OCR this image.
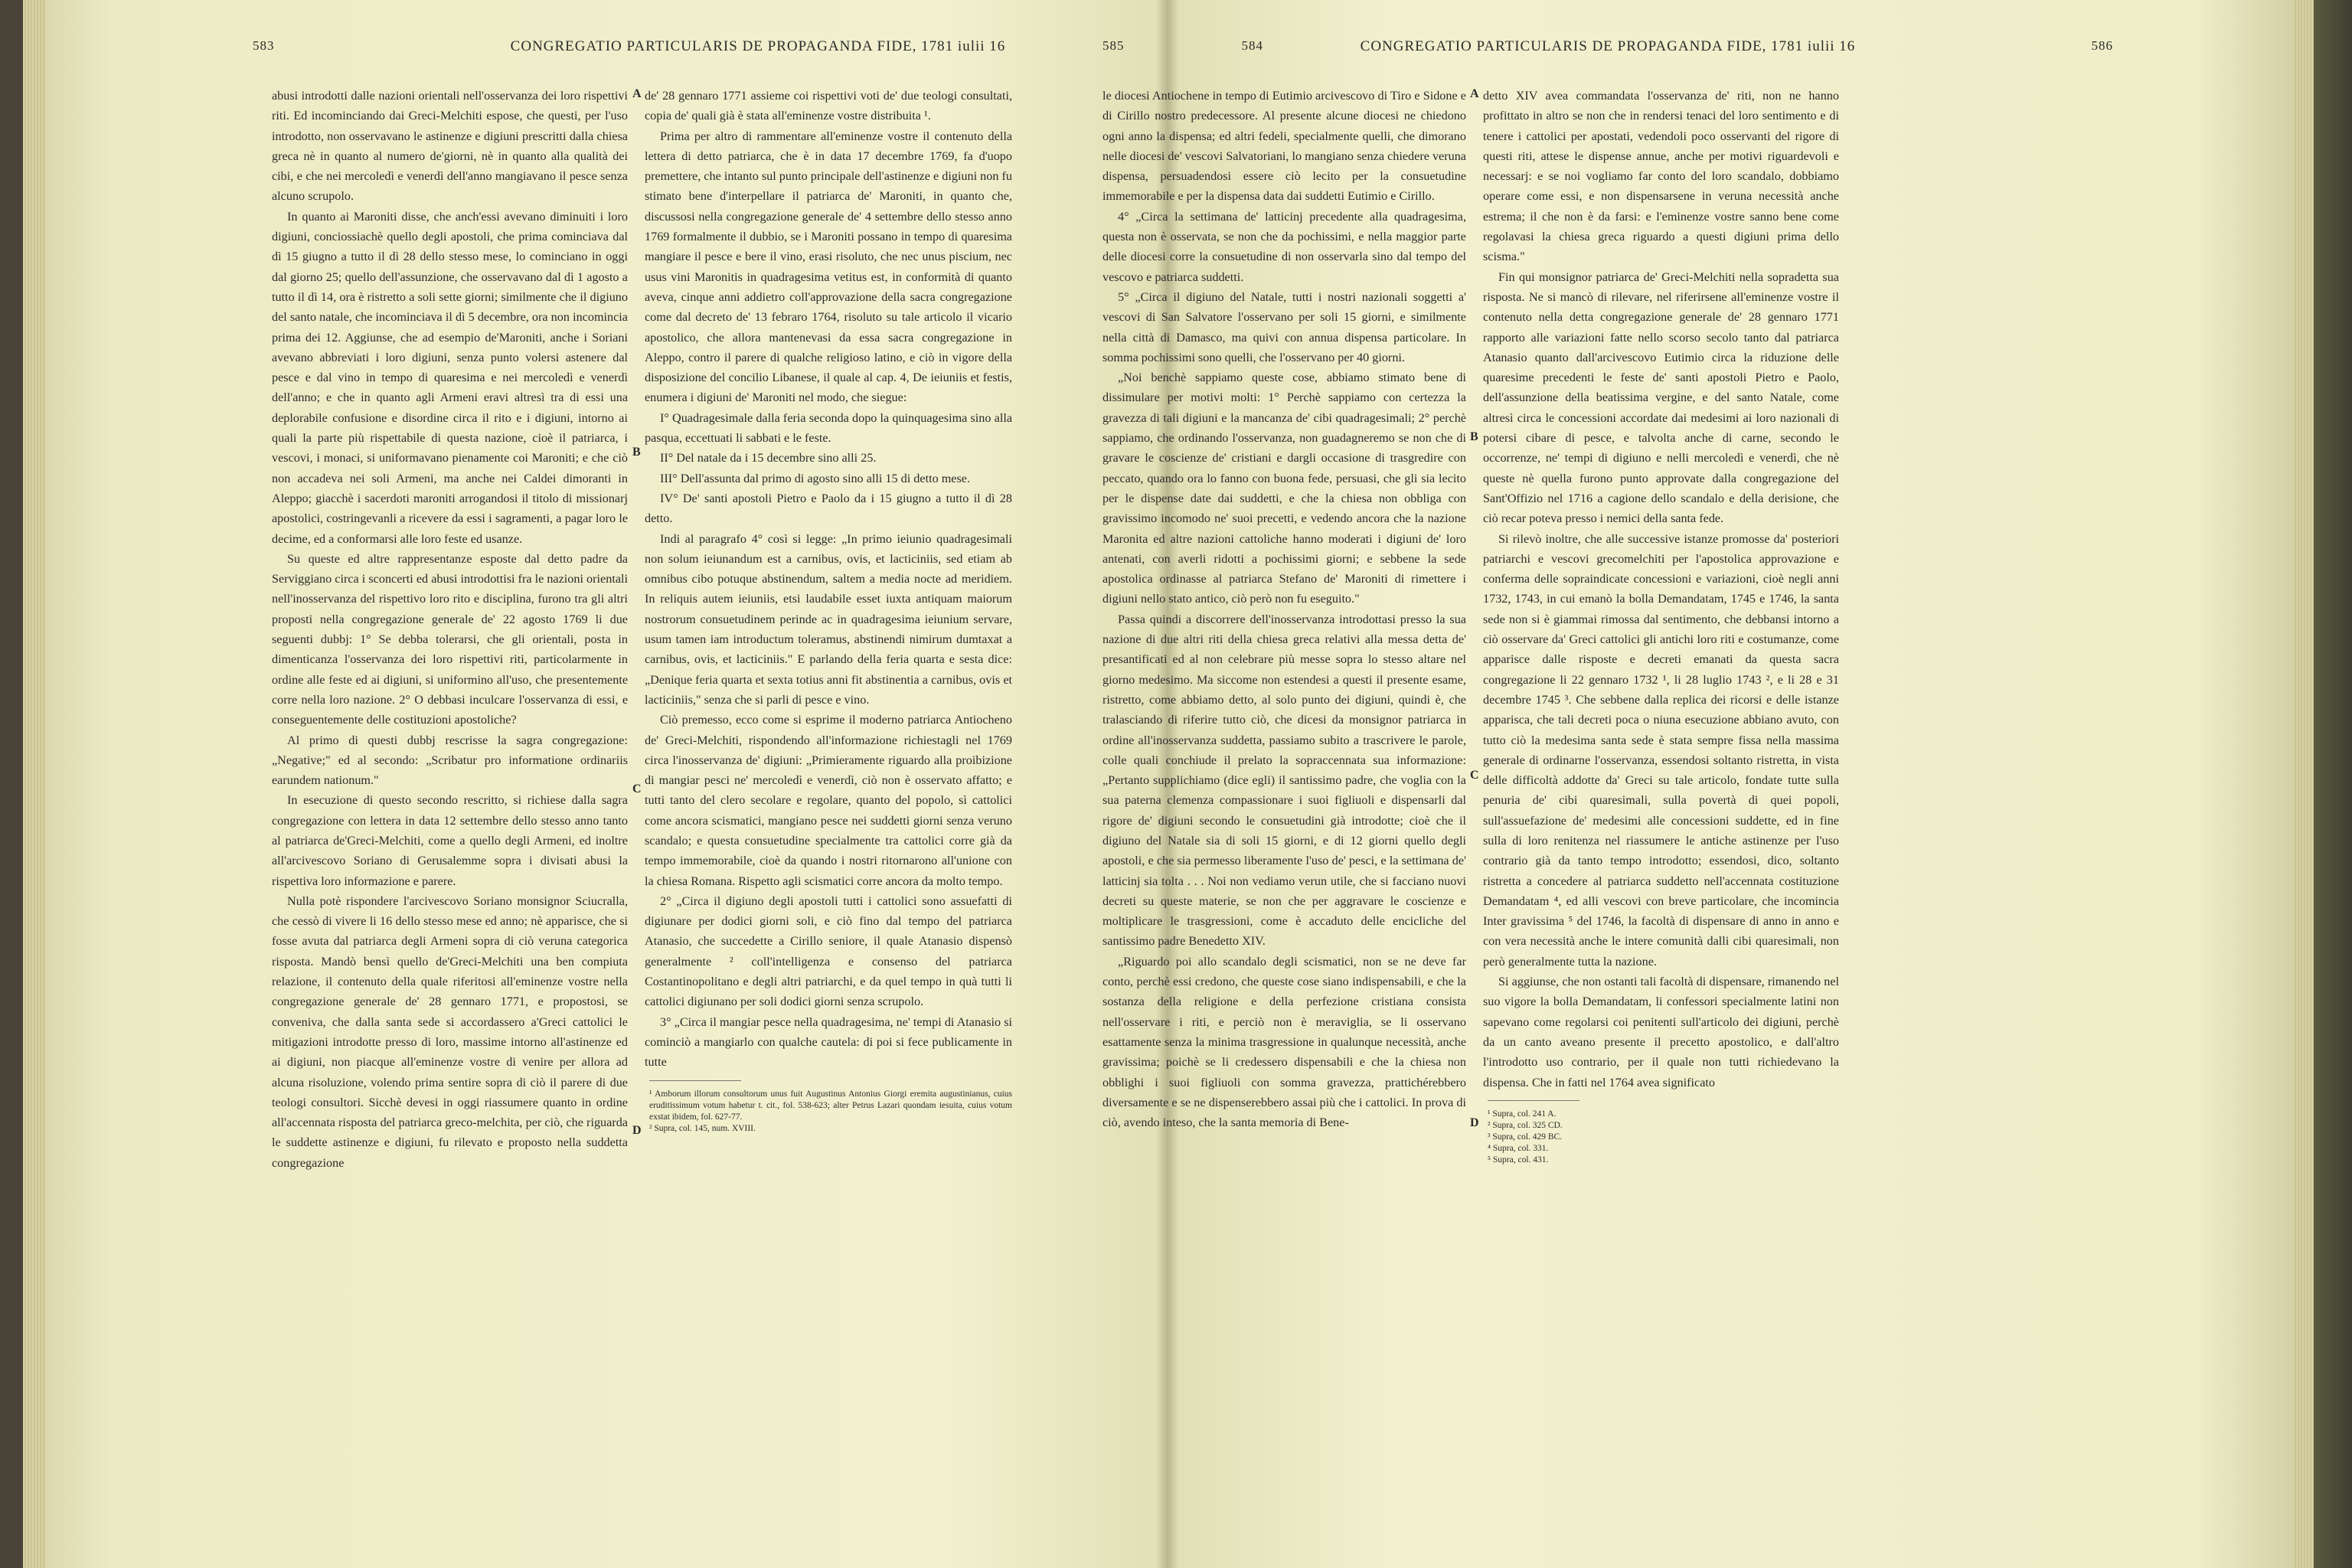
583	CONGREGATIO PARTICULARIS DE PROPAGANDA FIDE, 1781 iulii 16	584

abusi introdotti dalle nazioni orientali nell'osservanza dei loro rispettivi riti. Ed incominciando dai Greci-Melchiti espose, che questi, per l'uso introdotto, non osservavano le astinenze e digiuni prescritti dalla chiesa greca nè in quanto al numero de'giorni, nè in quanto alla qualità dei cibi, e che nei mercoledì e venerdì dell'anno mangiavano il pesce senza alcuno scrupolo.

In quanto ai Maroniti disse, che anch'essi avevano diminuiti i loro digiuni, conciossiachè quello degli apostoli, che prima cominciava dal dì 15 giugno a tutto il dì 28 dello stesso mese, lo cominciano in oggi dal giorno 25; quello dell'assunzione, che osservavano dal dì 1 agosto a tutto il dì 14, ora è ristretto a soli sette giorni; similmente che il digiuno del santo natale, che incominciava il dì 5 decembre, ora non incomincia prima dei 12. Aggiunse, che ad esempio de'Maroniti, anche i Soriani avevano abbreviati i loro digiuni, senza punto volersi astenere dal pesce e dal vino in tempo di quaresima e nei mercoledì e venerdì dell'anno; e che in quanto agli Armeni eravi altresì tra di essi una deplorabile confusione e disordine circa il rito e i digiuni, intorno ai quali la parte più rispettabile di questa nazione, cioè il patriarca, i vescovi, i monaci, si uniformavano pienamente coi Maroniti; e che ciò non accadeva nei soli Armeni, ma anche nei Caldei dimoranti in Aleppo; giacchè i sacerdoti maroniti arrogandosi il titolo di missionarj apostolici, costringevanli a ricevere da essi i sagramenti, a pagar loro le decime, ed a conformarsi alle loro feste ed usanze.

Su queste ed altre rappresentanze esposte dal detto padre da Serviggiano circa i sconcerti ed abusi introdottisi fra le nazioni orientali nell'inosservanza del rispettivo loro rito e disciplina, furono tra gli altri proposti nella congregazione generale de' 22 agosto 1769 li due seguenti dubbj: 1° Se debba tolerarsi, che gli orientali, posta in dimenticanza l'osservanza dei loro rispettivi riti, particolarmente in ordine alle feste ed ai digiuni, si uniformino all'uso, che presentemente corre nella loro nazione. 2° O debbasi inculcare l'osservanza di essi, e conseguentemente delle costituzioni apostoliche?

Al primo di questi dubbj rescrisse la sagra congregazione: „Negative;" ed al secondo: „Scribatur pro informatione ordinariis earundem nationum."

In esecuzione di questo secondo rescritto, si richiese dalla sagra congregazione con lettera in data 12 settembre dello stesso anno tanto al patriarca de'Greci-Melchiti, come a quello degli Armeni, ed inoltre all'arcivescovo Soriano di Gerusalemme sopra i divisati abusi la rispettiva loro informazione e parere.

Nulla potè rispondere l'arcivescovo Soriano monsignor Sciucralla, che cessò di vivere li 16 dello stesso mese ed anno; nè apparisce, che si fosse avuta dal patriarca degli Armeni sopra di ciò veruna categorica risposta. Mandò bensì quello de'Greci-Melchiti una ben compiuta relazione, il contenuto della quale riferitosi all'eminenze vostre nella congregazione generale de' 28 gennaro 1771, e propostosi, se conveniva, che dalla santa sede si accordassero a'Greci cattolici le mitigazioni introdotte presso di loro, massime intorno all'astinenze ed ai digiuni, non piacque all'eminenze vostre di venire per allora ad alcuna risoluzione, volendo prima sentire sopra di ciò il parere di due teologi consultori. Sicchè devesi in oggi riassumere quanto in ordine all'accennata risposta del patriarca greco-melchita, per ciò, che riguarda le suddette astinenze e digiuni, fu rilevato e proposto nella suddetta congregazione

A
B
C
D

de' 28 gennaro 1771 assieme coi rispettivi voti de' due teologi consultati, copia de' quali già è stata all'eminenze vostre distribuita ¹.

Prima per altro di rammentare all'eminenze vostre il contenuto della lettera di detto patriarca, che è in data 17 decembre 1769, fa d'uopo premettere, che intanto sul punto principale dell'astinenze e digiuni non fu stimato bene d'interpellare il patriarca de' Maroniti, in quanto che, discussosi nella congregazione generale de' 4 settembre dello stesso anno 1769 formalmente il dubbio, se i Maroniti possano in tempo di quaresima mangiare il pesce e bere il vino, erasi risoluto, che nec unus piscium, nec usus vini Maronitis in quadragesima vetitus est, in conformità di quanto aveva, cinque anni addietro coll'approvazione della sacra congregazione come dal decreto de' 13 febraro 1764, risoluto su tale articolo il vicario apostolico, che allora mantenevasi da essa sacra congregazione in Aleppo, contro il parere di qualche religioso latino, e ciò in vigore della disposizione del concilio Libanese, il quale al cap. 4, De ieiuniis et festis, enumera i digiuni de' Maroniti nel modo, che siegue:

I° Quadragesimale dalla feria seconda dopo la quinquagesima sino alla pasqua, eccettuati li sabbati e le feste.

II° Del natale da i 15 decembre sino alli 25.

III° Dell'assunta dal primo di agosto sino alli 15 di detto mese.

IV° De' santi apostoli Pietro e Paolo da i 15 giugno a tutto il dì 28 detto.

Indi al paragrafo 4° così si legge: „In primo ieiunio quadragesimali non solum ieiunandum est a carnibus, ovis, et lacticiniis, sed etiam ab omnibus cibo potuque abstinendum, saltem a media nocte ad meridiem. In reliquis autem ieiuniis, etsi laudabile esset iuxta antiquam maiorum nostrorum consuetudinem perinde ac in quadragesima ieiunium servare, usum tamen iam introductum toleramus, abstinendi nimirum dumtaxat a carnibus, ovis, et lacticiniis." E parlando della feria quarta e sesta dice: „Denique feria quarta et sexta totius anni fit abstinentia a carnibus, ovis et lacticiniis," senza che si parli di pesce e vino.

Ciò premesso, ecco come si esprime il moderno patriarca Antiocheno de' Greci-Melchiti, rispondendo all'informazione richiestagli nel 1769 circa l'inosservanza de' digiuni: „Primieramente riguardo alla proibizione di mangiar pesci ne' mercoledì e venerdì, ciò non è osservato affatto; e tutti tanto del clero secolare e regolare, quanto del popolo, sì cattolici come ancora scismatici, mangiano pesce nei suddetti giorni senza veruno scandalo; e questa consuetudine specialmente tra cattolici corre già da tempo immemorabile, cioè da quando i nostri ritornarono all'unione con la chiesa Romana. Rispetto agli scismatici corre ancora da molto tempo.

2° „Circa il digiuno degli apostoli tutti i cattolici sono assuefatti di digiunare per dodici giorni soli, e ciò fino dal tempo del patriarca Atanasio, che succedette a Cirillo seniore, il quale Atanasio dispensò generalmente ² coll'intelligenza e consenso del patriarca Costantinopolitano e degli altri patriarchi, e da quel tempo in quà tutti li cattolici digiunano per soli dodici giorni senza scrupolo.

3° „Circa il mangiar pesce nella quadragesima, ne' tempi di Atanasio si cominciò a mangiarlo con qualche cautela: di poi si fece publicamente in tutte

¹ Amborum illorum consultorum unus fuit Augustinus Antonius Giorgi eremita augustinianus, cuius eruditissimum votum habetur t. cit., fol. 538-623; alter Petrus Lazari quondam iesuita, cuius votum exstat ibidem, fol. 627-77.

² Supra, col. 145, num. XVIII.

585	CONGREGATIO PARTICULARIS DE PROPAGANDA FIDE, 1781 iulii 16	586

le diocesi Antiochene in tempo di Eutimio arcivescovo di Tiro e Sidone e di Cirillo nostro predecessore. Al presente alcune diocesi ne chiedono ogni anno la dispensa; ed altri fedeli, specialmente quelli, che dimorano nelle diocesi de' vescovi Salvatoriani, lo mangiano senza chiedere veruna dispensa, persuadendosi essere ciò lecito per la consuetudine immemorabile e per la dispensa data dai suddetti Eutimio e Cirillo.

4° „Circa la settimana de' latticinj precedente alla quadragesima, questa non è osservata, se non che da pochissimi, e nella maggior parte delle diocesi corre la consuetudine di non osservarla sino dal tempo del vescovo e patriarca suddetti.

5° „Circa il digiuno del Natale, tutti i nostri nazionali soggetti a' vescovi di San Salvatore l'osservano per soli 15 giorni, e similmente nella città di Damasco, ma quivi con annua dispensa particolare. In somma pochissimi sono quelli, che l'osservano per 40 giorni.

„Noi benchè sappiamo queste cose, abbiamo stimato bene di dissimulare per motivi molti: 1° Perchè sappiamo con certezza la gravezza di tali digiuni e la mancanza de' cibi quadragesimali; 2° perchè sappiamo, che ordinando l'osservanza, non guadagneremo se non che di gravare le coscienze de' cristiani e dargli occasione di trasgredire con peccato, quando ora lo fanno con buona fede, persuasi, che gli sia lecito per le dispense date dai suddetti, e che la chiesa non obbliga con gravissimo incomodo ne' suoi precetti, e vedendo ancora che la nazione Maronita ed altre nazioni cattoliche hanno moderati i digiuni de' loro antenati, con averli ridotti a pochissimi giorni; e sebbene la sede apostolica ordinasse al patriarca Stefano de' Maroniti di rimettere i digiuni nello stato antico, ciò però non fu eseguito."

Passa quindi a discorrere dell'inosservanza introdottasi presso la sua nazione di due altri riti della chiesa greca relativi alla messa detta de' presantificati ed al non celebrare più messe sopra lo stesso altare nel giorno medesimo. Ma siccome non estendesi a questi il presente esame, ristretto, come abbiamo detto, al solo punto dei digiuni, quindi è, che tralasciando di riferire tutto ciò, che dicesi da monsignor patriarca in ordine all'inosservanza suddetta, passiamo subito a trascrivere le parole, colle quali conchiude il prelato la sopraccennata sua informazione: „Pertanto supplichiamo (dice egli) il santissimo padre, che voglia con la sua paterna clemenza compassionare i suoi figliuoli e dispensarli dal rigore de' digiuni secondo le consuetudini già introdotte; cioè che il digiuno del Natale sia di soli 15 giorni, e di 12 giorni quello degli apostoli, e che sia permesso liberamente l'uso de' pesci, e la settimana de' latticinj sia tolta . . . Noi non vediamo verun utile, che si facciano nuovi decreti su queste materie, se non che per aggravare le coscienze e moltiplicare le trasgressioni, come è accaduto delle encicliche del santissimo padre Benedetto XIV.

„Riguardo poi allo scandalo degli scismatici, non se ne deve far conto, perchè essi credono, che queste cose siano indispensabili, e che la sostanza della religione e della perfezione cristiana consista nell'osservare i riti, e perciò non è meraviglia, se li osservano esattamente senza la minima trasgressione in qualunque necessità, anche gravissima; poichè se li credessero dispensabili e che la chiesa non obblighi i suoi figliuoli con somma gravezza, prattichérebbero diversamente e se ne dispenserebbero assai più che i cattolici. In prova di ciò, avendo inteso, che la santa memoria di Bene-

A
B
C
D

detto XIV avea commandata l'osservanza de' riti, non ne hanno profittato in altro se non che in rendersi tenaci del loro sentimento e di tenere i cattolici per apostati, vedendoli poco osservanti del rigore di questi riti, attese le dispense annue, anche per motivi riguardevoli e necessarj: e se noi vogliamo far conto del loro scandalo, dobbiamo operare come essi, e non dispensarsene in veruna necessità anche estrema; il che non è da farsi: e l'eminenze vostre sanno bene come regolavasi la chiesa greca riguardo a questi digiuni prima dello scisma."

Fin qui monsignor patriarca de' Greci-Melchiti nella sopradetta sua risposta. Ne si mancò di rilevare, nel riferirsene all'eminenze vostre il contenuto nella detta congregazione generale de' 28 gennaro 1771 rapporto alle variazioni fatte nello scorso secolo tanto dal patriarca Atanasio quanto dall'arcivescovo Eutimio circa la riduzione delle quaresime precedenti le feste de' santi apostoli Pietro e Paolo, dell'assunzione della beatissima vergine, e del santo Natale, come altresì circa le concessioni accordate dai medesimi ai loro nazionali di potersi cibare di pesce, e talvolta anche di carne, secondo le occorrenze, ne' tempi di digiuno e nelli mercoledì e venerdì, che nè queste nè quella furono punto approvate dalla congregazione del Sant'Offizio nel 1716 a cagione dello scandalo e della derisione, che ciò recar poteva presso i nemici della santa fede.

Si rilevò inoltre, che alle successive istanze promosse da' posteriori patriarchi e vescovi grecomelchiti per l'apostolica approvazione e conferma delle sopraindicate concessioni e variazioni, cioè negli anni 1732, 1743, in cui emanò la bolla Demandatam, 1745 e 1746, la santa sede non si è giammai rimossa dal sentimento, che debbansi intorno a ciò osservare da' Greci cattolici gli antichi loro riti e costumanze, come apparisce dalle risposte e decreti emanati da questa sacra congregazione li 22 gennaro 1732 ¹, li 28 luglio 1743 ², e li 28 e 31 decembre 1745 ³. Che sebbene dalla replica dei ricorsi e delle istanze apparisca, che tali decreti poca o niuna esecuzione abbiano avuto, con tutto ciò la medesima santa sede è stata sempre fissa nella massima generale di ordinarne l'osservanza, essendosi soltanto ristretta, in vista delle difficoltà addotte da' Greci su tale articolo, fondate tutte sulla penuria de' cibi quaresimali, sulla povertà di quei popoli, sull'assuefazione de' medesimi alle concessioni suddette, ed in fine sulla di loro renitenza nel riassumere le antiche astinenze per l'uso contrario già da tanto tempo introdotto; essendosi, dico, soltanto ristretta a concedere al patriarca suddetto nell'accennata costituzione Demandatam ⁴, ed alli vescovi con breve particolare, che incomincia Inter gravissima ⁵ del 1746, la facoltà di dispensare di anno in anno e con vera necessità anche le intere comunità dalli cibi quaresimali, non però generalmente tutta la nazione.

Si aggiunse, che non ostanti tali facoltà di dispensare, rimanendo nel suo vigore la bolla Demandatam, li confessori specialmente latini non sapevano come regolarsi coi penitenti sull'articolo dei digiuni, perchè da un canto aveano presente il precetto apostolico, e dall'altro l'introdotto uso contrario, per il quale non tutti richiedevano la dispensa. Che in fatti nel 1764 avea significato

¹ Supra, col. 241 A.

² Supra, col. 325 CD.

³ Supra, col. 429 BC.

⁴ Supra, col. 331.

⁵ Supra, col. 431.
